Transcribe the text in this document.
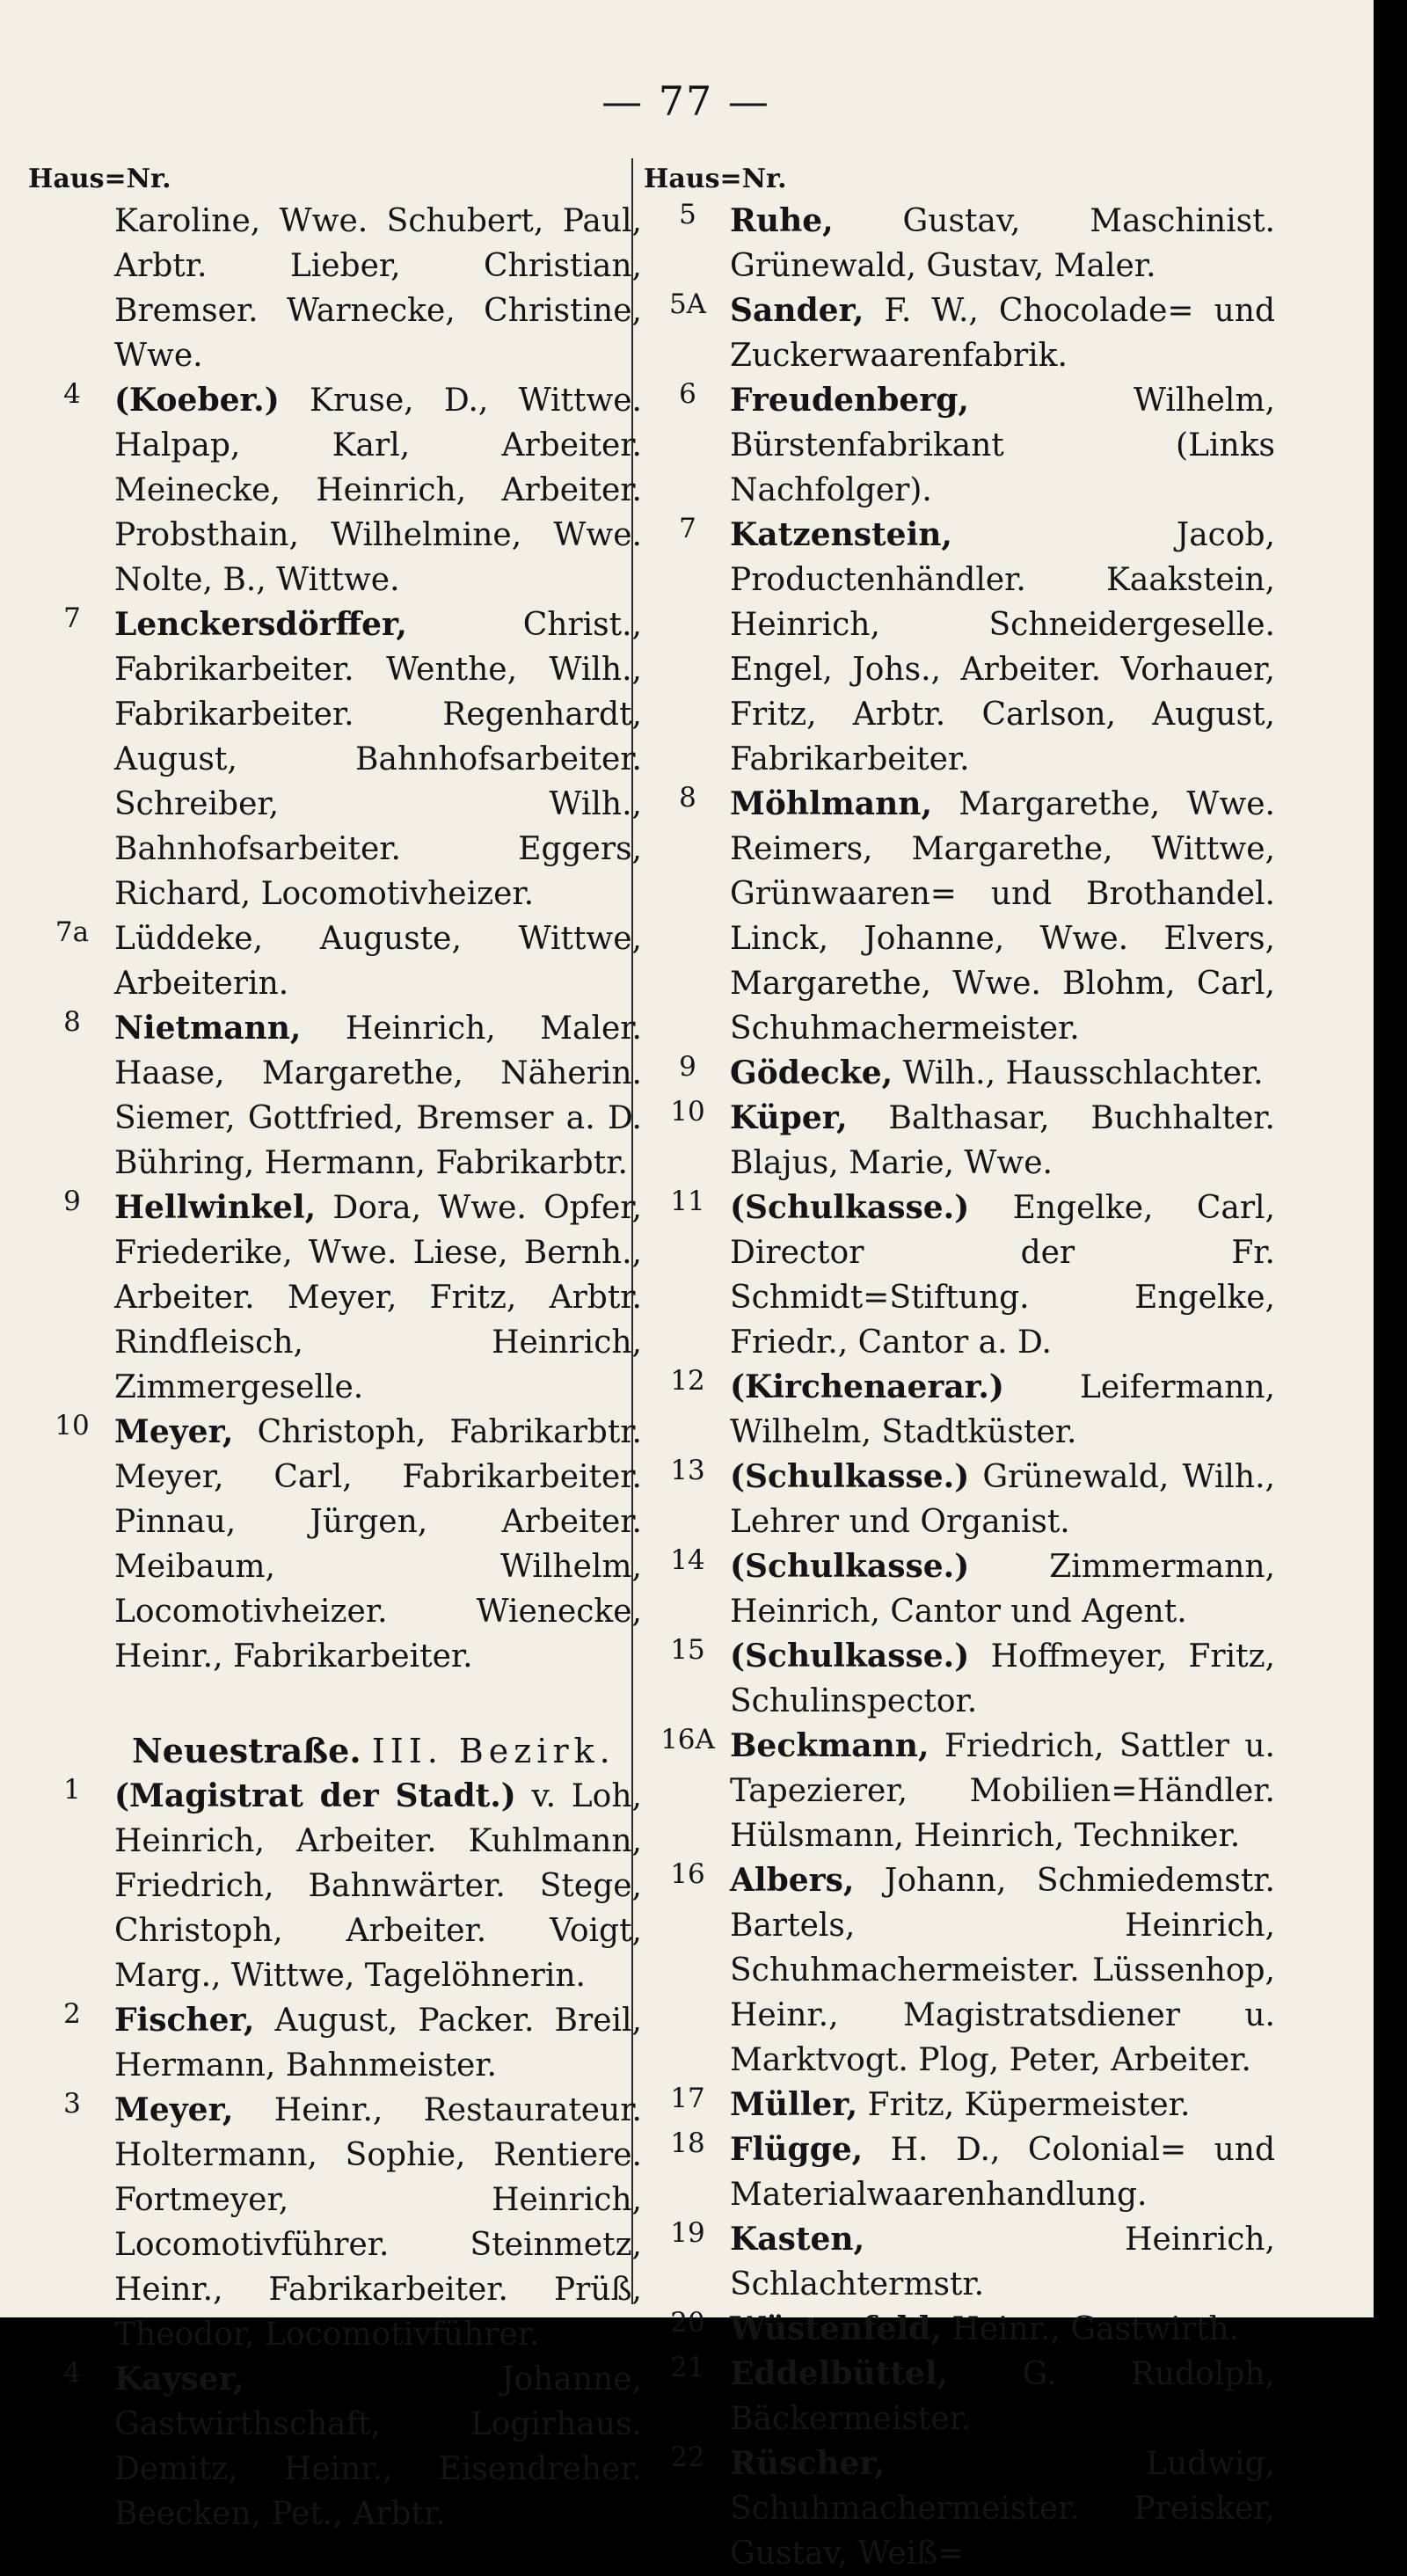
— 77 —
Haus=Nr.	Haus=Nr.
Karoline, Wwe. Schubert, Paul, Arbtr. Lieber, Christian, Bremser. Warnecke, Christine, Wwe.
4	(Koeber.) Kruse, D., Wittwe. Halpap, Karl, Arbeiter. Meinecke, Heinrich, Arbeiter. Probsthain, Wilhelmine, Wwe. Nolte, B., Wittwe.
7	Lenckersdörffer, Christ., Fabrikarbeiter. Wenthe, Wilh., Fabrikarbeiter. Regenhardt, August, Bahnhofsarbeiter. Schreiber, Wilh., Bahnhofsarbeiter. Eggers, Richard, Locomotivheizer.
7a Lüddeke, Auguste, Wittwe, Arbeiterin.
8	Nietmann, Heinrich, Maler. Haase, Margarethe, Näherin. Siemer, Gottfried, Bremser a. D. Bühring, Hermann, Fabrikarbtr.
9	Hellwinkel, Dora, Wwe. Opfer, Friederike, Wwe. Liese, Bernh., Arbeiter. Meyer, Fritz, Arbtr. Rindfleisch, Heinrich, Zimmergeselle.
10 Meyer, Christoph, Fabrikarbtr. Meyer, Carl, Fabrikarbeiter. Pinnau, Jürgen, Arbeiter. Meibaum, Wilhelm, Locomotivheizer. Wienecke, Heinr., Fabrikarbeiter.
Neuestraße. III. Bezirk.
1	(Magistrat der Stadt.) v. Loh, Heinrich, Arbeiter. Kuhlmann, Friedrich, Bahnwärter. Stege, Christoph, Arbeiter. Voigt, Marg., Wittwe, Tagelöhnerin.
2	Fischer, August, Packer. Breil, Hermann, Bahnmeister.
3	Meyer, Heinr., Restaurateur. Holtermann, Sophie, Rentiere. Fortmeyer, Heinrich, Locomotivführer. Steinmetz, Heinr., Fabrikarbeiter. Prüß, Theodor, Locomotivführer.
4	Kayser, Johanne, Gastwirthschaft, Logirhaus. Demitz, Heinr., Eisendreher. Beecken, Pet., Arbtr.
5	Ruhe, Gustav, Maschinist. Grünewald, Gustav, Maler.
5A Sander, F. W., Chocolade= und Zuckerwaarenfabrik.
6	Freudenberg, Wilhelm, Bürstenfabrikant (Links Nachfolger).
7	Katzenstein, Jacob, Productenhändler. Kaakstein, Heinrich, Schneidergeselle. Engel, Johs., Arbeiter. Vorhauer, Fritz, Arbtr. Carlson, August, Fabrikarbeiter.
8	Möhlmann, Margarethe, Wwe. Reimers, Margarethe, Wittwe, Grünwaaren= und Brothandel. Linck, Johanne, Wwe. Elvers, Margarethe, Wwe. Blohm, Carl, Schuhmachermeister.
9	Gödecke, Wilh., Hausschlachter.
10 Küper, Balthasar, Buchhalter. Blajus, Marie, Wwe.
11 (Schulkasse.) Engelke, Carl, Director der Fr. Schmidt=Stiftung. Engelke, Friedr., Cantor a. D.
12 (Kirchenaerar.) Leifermann, Wilhelm, Stadtküster.
13 (Schulkasse.) Grünewald, Wilh., Lehrer und Organist.
14 (Schulkasse.) Zimmermann, Heinrich, Cantor und Agent.
15 (Schulkasse.) Hoffmeyer, Fritz, Schulinspector.
16A Beckmann, Friedrich, Sattler u. Tapezierer, Mobilien=Händler. Hülsmann, Heinrich, Techniker.
16 Albers, Johann, Schmiedemstr. Bartels, Heinrich, Schuhmachermeister. Lüssenhop, Heinr., Magistratsdiener u. Marktvogt. Plog, Peter, Arbeiter.
17 Müller, Fritz, Küpermeister.
18 Flügge, H. D., Colonial= und Materialwaarenhandlung.
19 Kasten, Heinrich, Schlachtermstr.
20 Wüstenfeld, Heinr., Gastwirth.
21 Eddelbüttel, G. Rudolph, Bäckermeister.
22 Rüscher, Ludwig, Schuhmachermeister. Preisker, Gustav, Weiß=
